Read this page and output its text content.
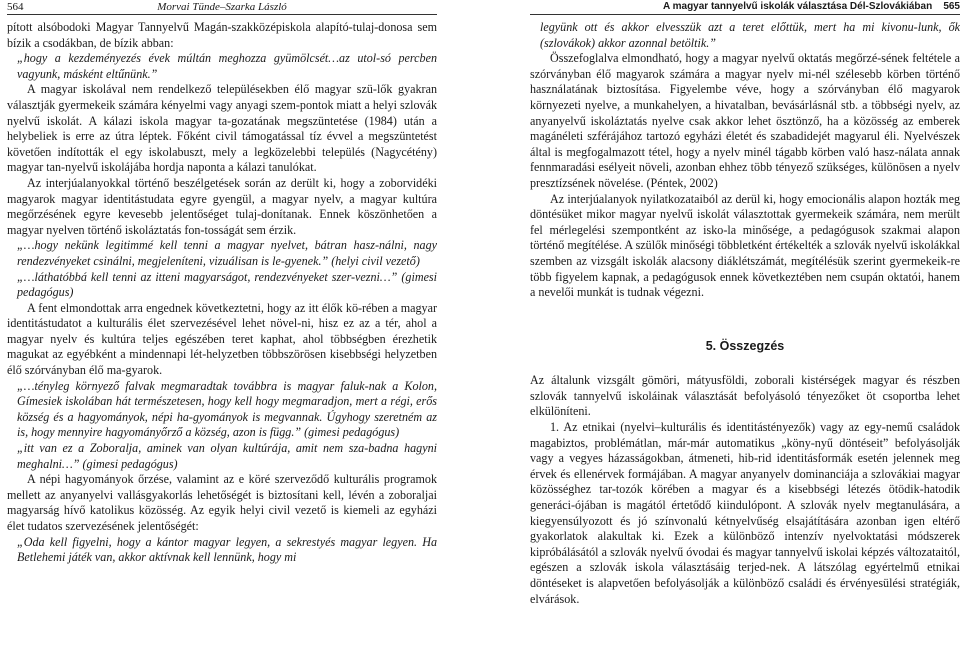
564	Morvai Tünde–Szarka László

pított alsóbodoki Magyar Tannyelvű Magán-szakközépiskola alapító-tulaj-donosa sem bízik a csodákban, de bízik abban:

„hogy a kezdeményezés évek múltán meghozza gyümölcsét…az utol-só percben vagyunk, másként eltűnünk.”

A magyar iskolával nem rendelkező településekben élő magyar szü-lők gyakran választják gyermekeik számára kényelmi vagy anyagi szem-pontok miatt a helyi szlovák nyelvű iskolát. A kálazi iskola magyar ta-gozatának megszüntetése (1984) után a helybeliek is erre az útra léptek. Főként civil támogatással tíz évvel a megszüntetést követően indították el egy iskolabuszt, mely a legközelebbi település (Nagycétény) magyar tan-nyelvű iskolájába hordja naponta a kálazi tanulókat.

Az interjúalanyokkal történő beszélgetések során az derült ki, hogy a zoborvidéki magyarok magyar identitástudata egyre gyengül, a magyar nyelv, a magyar kultúra megőrzésének egyre kevesebb jelentőséget tulaj-donítanak. Ennek köszönhetően a magyar nyelven történő iskoláztatás fon-tosságát sem érzik.

„…hogy nekünk legitimmé kell tenni a magyar nyelvet, bátran hasz-nálni, nagy rendezvényeket csinálni, megjeleníteni, vizuálisan is le-gyenek.” (helyi civil vezető)

„…láthatóbbá kell tenni az itteni magyarságot, rendezvényeket szer-vezni…” (gimesi pedagógus)

A fent elmondottak arra engednek következtetni, hogy az itt élők kö-rében a magyar identitástudatot a kulturális élet szervezésével lehet növel-ni, hisz ez az a tér, ahol a magyar nyelv és kultúra teljes egészében teret kaphat, ahol többségben érezhetik magukat az egyébként a mindennapi lét-helyzetben többszörösen kisebbségi helyzetben élő szórványban élő ma-gyarok.

„…tényleg környező falvak megmaradtak továbbra is magyar faluk-nak a Kolon, Gímesiek iskolában hát természetesen, hogy kell hogy megmaradjon, mert a régi, erős község és a hagyományok, népi ha-gyományok is megvannak. Úgyhogy szeretném az is, hogy mennyire hagyományőrző a község, azon is függ.” (gimesi pedagógus)

„itt van ez a Zoboralja, aminek van olyan kultúrája, amit nem sza-badna hagyni meghalni…” (gimesi pedagógus)

A népi hagyományok őrzése, valamint az e köré szerveződő kulturális programok mellett az anyanyelvi vallásgyakorlás lehetőségét is biztosítani kell, lévén a zoboraljai magyarság hívő katolikus közösség. Az egyik helyi civil vezető is kiemeli az egyházi élet tudatos szervezésének jelentőségét:

„Oda kell figyelni, hogy a kántor magyar legyen, a sekrestyés magyar legyen. Ha Betlehemi játék van, akkor aktívnak kell lennünk, hogy mi

A magyar tannyelvű iskolák választása Dél-Szlovákiában 565

legyünk ott és akkor elvesszük azt a teret előttük, mert ha mi kivonu-lunk, ők (szlovákok) akkor azonnal betöltik.”

Összefoglalva elmondható, hogy a magyar nyelvű oktatás megőrzé-sének feltétele a szórványban élő magyarok számára a magyar nyelv mi-nél szélesebb körben történő használatának biztosítása. Figyelembe véve, hogy a szórványban élő magyarok környezeti nyelve, a munkahelyen, a hivatalban, bevásárlásnál stb. a többségi nyelv, az anyanyelvű iskoláztatás nyelve csak akkor lehet ösztönző, ha a közösség az emberek magánéleti szférájához tartozó egyházi életét és szabadidejét magyarul éli. Nyelvészek által is megfogalmazott tétel, hogy a nyelv minél tágabb körben való hasz-nálata annak fennmaradási esélyeit növeli, azonban ehhez több tényező szükséges, különösen a nyelv presztízsének növelése. (Péntek, 2002)

Az interjúalanyok nyilatkozataiból az derül ki, hogy emocionális alapon hozták meg döntésüket mikor magyar nyelvű iskolát választottak gyermekeik számára, nem merült fel mérlegelési szempontként az isko-la minősége, a pedagógusok szakmai alapon történő megítélése. A szülők minőségi többletként értékelték a szlovák nyelvű iskolákkal szemben az vizsgált iskolák alacsony diáklétszámát, megítélésük szerint gyermekeik-re több figyelem kapnak, a pedagógusok ennek következtében nem csupán oktatói, hanem a nevelői munkát is tudnak végezni.

5. Összegzés

Az általunk vizsgált gömöri, mátyusföldi, zoborali kistérségek magyar és részben szlovák tannyelvű iskoláinak választását befolyásoló tényezőket öt csoportba lehet elkülöníteni.

1. Az etnikai (nyelvi–kulturális és identitástényezők) vagy az egy-nemű családok magabiztos, problémátlan, már-már automatikus „köny-nyű döntéseit” befolyásolják vagy a vegyes házasságokban, átmeneti, hib-rid identitásformák esetén jelennek meg érvek és ellenérvek formájában. A magyar anyanyelv dominanciája a szlovákiai magyar közösséghez tar-tozók körében a magyar és a kisebbségi létezés ötödik-hatodik generáci-ójában is magától értetődő kiindulópont. A szlovák nyelv megtanulására, a kiegyensúlyozott és jó színvonalú kétnyelvűség elsajátítására azonban igen eltérő gyakorlatok alakultak ki. Ezek a különböző intenzív nyelvoktatási módszerek kipróbálásától a szlovák nyelvű óvodai és magyar tannyelvű iskolai képzés változataitól, egészen a szlovák iskola választásáig terjed-nek. A látszólag egyértelmű etnikai döntéseket is alapvetően befolyásolják a különböző családi és érvényesülési stratégiák, elvárások.
